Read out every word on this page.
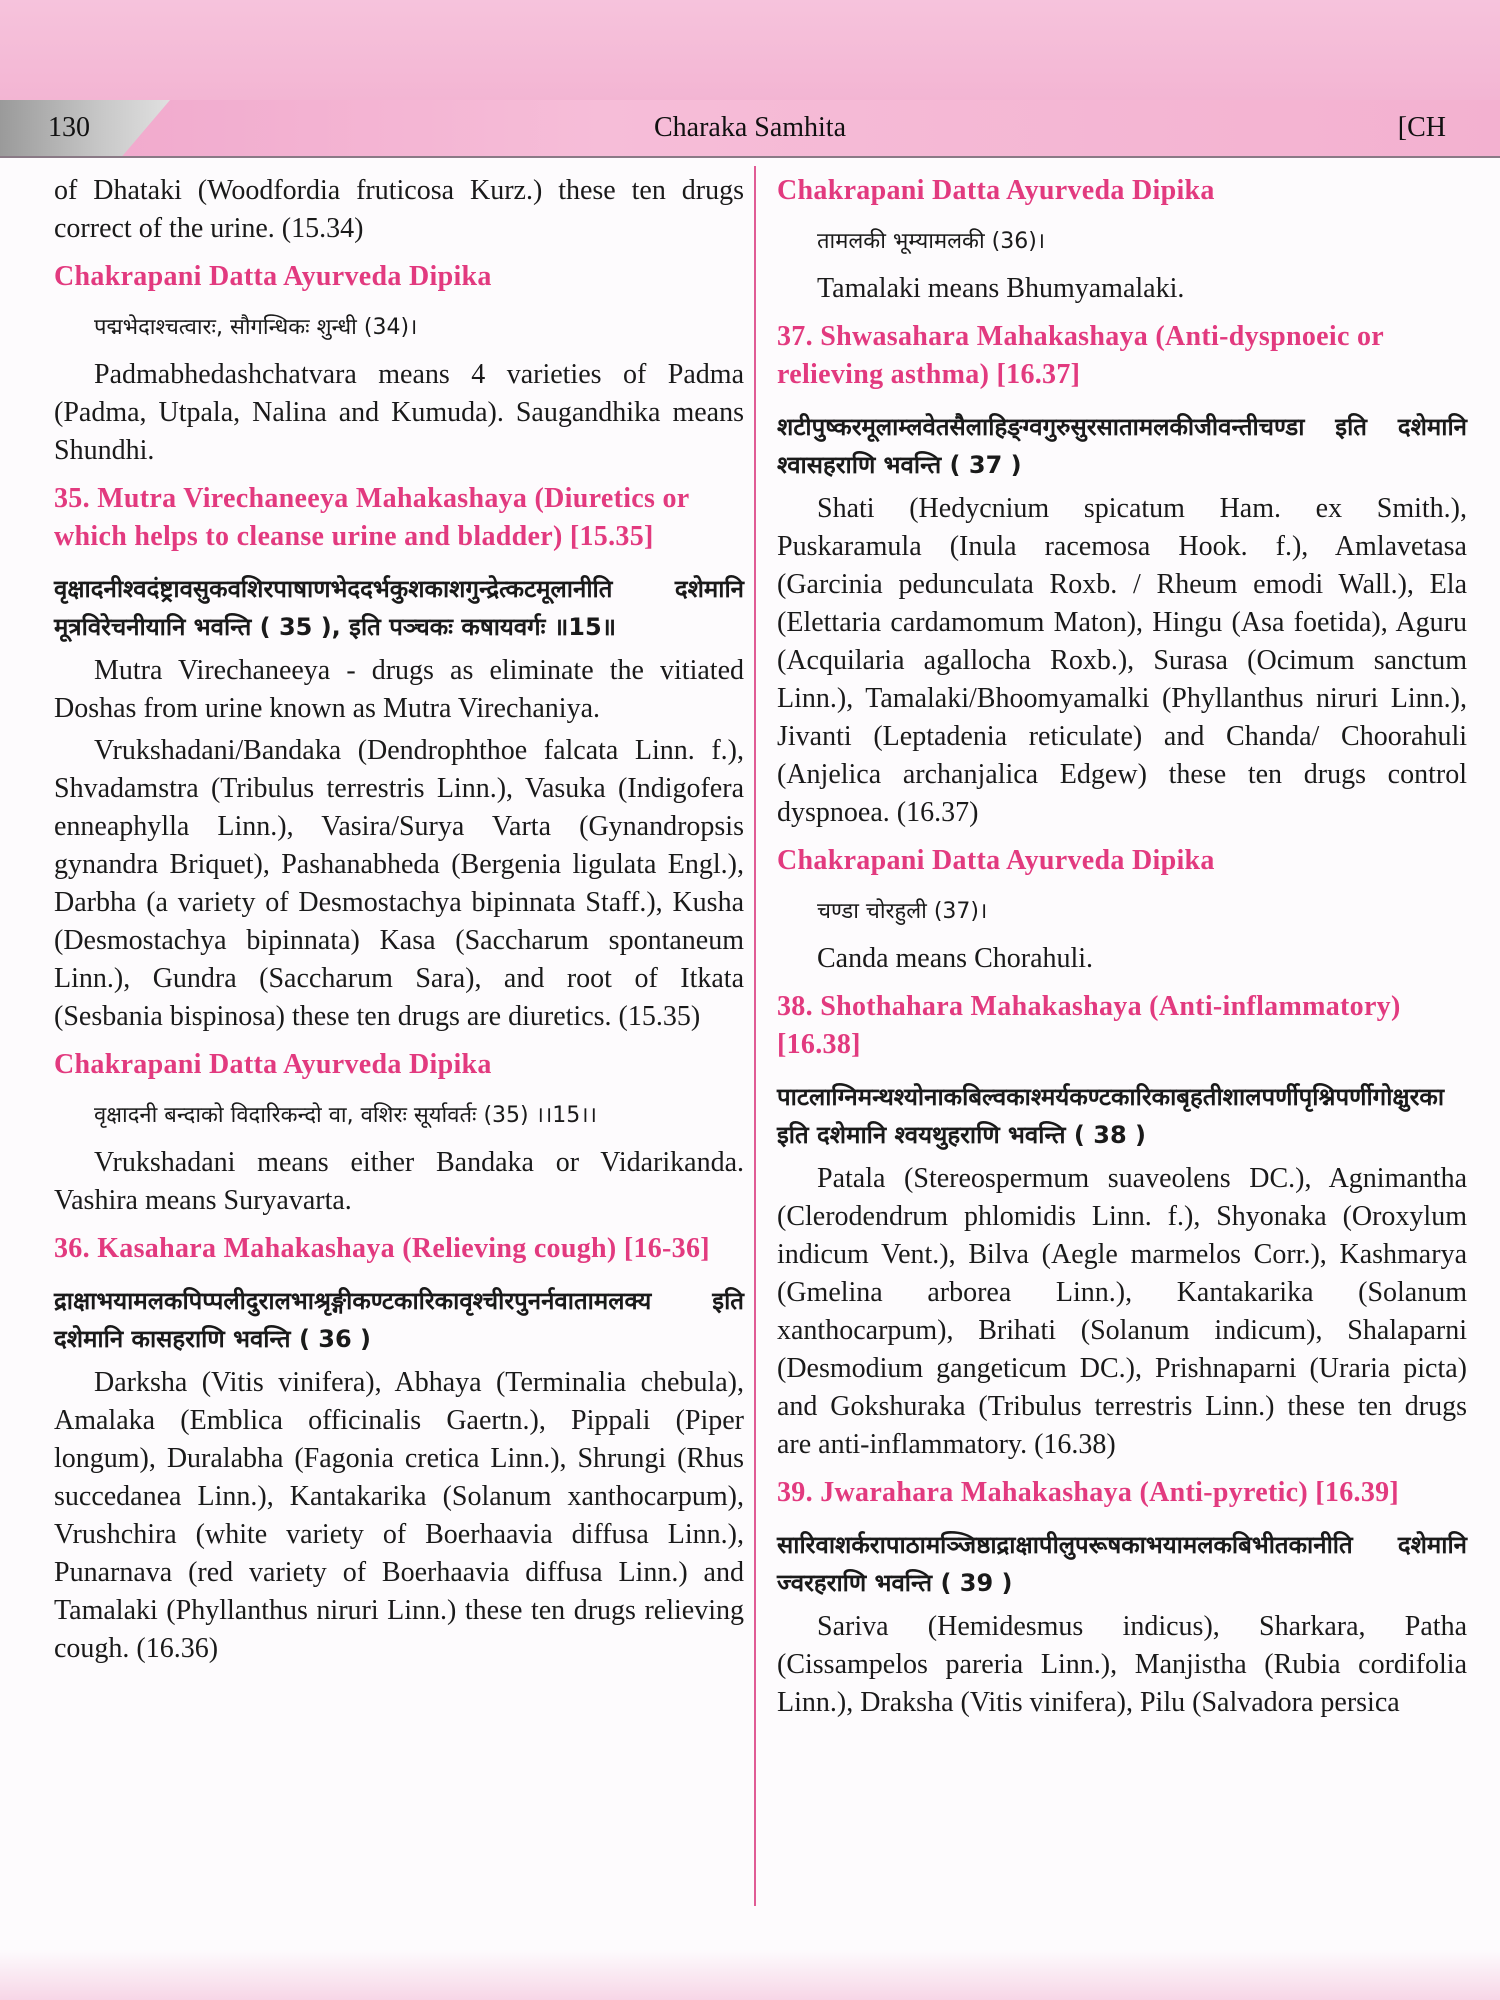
130	Charaka Samhita	[CH

of Dhataki (Woodfordia fruticosa Kurz.) these ten drugs correct of the urine. (15.34)

Chakrapani Datta Ayurveda Dipika
पद्मभेदाश्चत्वारः, सौगन्धिकः शुन्धी (34)।

Padmabhedashchatvara means 4 varieties of Padma (Padma, Utpala, Nalina and Kumuda). Saugandhika means Shundhi.

35. Mutra Virechaneeya Mahakashaya (Diuretics or which helps to cleanse urine and bladder) [15.35]
वृक्षादनीश्वदंष्ट्रावसुकवशिरपाषाणभेददर्भकुशकाशगुन्द्रेत्कटमूलानीति दशेमानि मूत्रविरेचनीयानि भवन्ति ( 35 ), इति पञ्चकः कषायवर्गः ॥15॥

Mutra Virechaneeya - drugs as eliminate the vitiated Doshas from urine known as Mutra Virechaniya.

Vrukshadani/Bandaka (Dendrophthoe falcata Linn. f.), Shvadamstra (Tribulus terrestris Linn.), Vasuka (Indigofera enneaphylla Linn.), Vasira/Surya Varta (Gynandropsis gynandra Briquet), Pashanabheda (Bergenia ligulata Engl.), Darbha (a variety of Desmostachya bipinnata Staff.), Kusha (Desmostachya bipinnata) Kasa (Saccharum spontaneum Linn.), Gundra (Saccharum Sara), and root of Itkata (Sesbania bispinosa) these ten drugs are diuretics. (15.35)

Chakrapani Datta Ayurveda Dipika
वृक्षादनी बन्दाको विदारिकन्दो वा, वशिरः सूर्यावर्तः (35) ।।15।।

Vrukshadani means either Bandaka or Vidarikanda. Vashira means Suryavarta.

36. Kasahara Mahakashaya (Relieving cough) [16-36]
द्राक्षाभयामलकपिप्पलीदुरालभाश्रृङ्गीकण्टकारिकावृश्चीरपुनर्नवातामलक्य इति दशेमानि कासहराणि भवन्ति ( 36 )

Darksha (Vitis vinifera), Abhaya (Terminalia chebula), Amalaka (Emblica officinalis Gaertn.), Pippali (Piper longum), Duralabha (Fagonia cretica Linn.), Shrungi (Rhus succedanea Linn.), Kantakarika (Solanum xanthocarpum), Vrushchira (white variety of Boerhaavia diffusa Linn.), Punarnava (red variety of Boerhaavia diffusa Linn.) and Tamalaki (Phyllanthus niruri Linn.) these ten drugs relieving cough. (16.36)

Chakrapani Datta Ayurveda Dipika
तामलकी भूम्यामलकी (36)।

Tamalaki means Bhumyamalaki.

37. Shwasahara Mahakashaya (Anti-dyspnoeic or relieving asthma) [16.37]
शटीपुष्करमूलाम्लवेतसैलाहिङ्ग्वगुरुसुरसातामलकीजीवन्तीचण्डा इति दशेमानि श्वासहराणि भवन्ति ( 37 )

Shati (Hedycnium spicatum Ham. ex Smith.), Puskaramula (Inula racemosa Hook. f.), Amlavetasa (Garcinia pedunculata Roxb. / Rheum emodi Wall.), Ela (Elettaria cardamomum Maton), Hingu (Asa foetida), Aguru (Acquilaria agallocha Roxb.), Surasa (Ocimum sanctum Linn.), Tamalaki/Bhoomyamalki (Phyllanthus niruri Linn.), Jivanti (Leptadenia reticulate) and Chanda/ Choorahuli (Anjelica archanjalica Edgew) these ten drugs control dyspnoea. (16.37)

Chakrapani Datta Ayurveda Dipika
चण्डा चोरहुली (37)।

Canda means Chorahuli.

38. Shothahara Mahakashaya (Anti-inflammatory) [16.38]
पाटलाग्निमन्थश्योनाकबिल्वकाश्मर्यकण्टकारिकाबृहतीशालपर्णीपृश्निपर्णीगोक्षुरका इति दशेमानि श्वयथुहराणि भवन्ति ( 38 )

Patala (Stereospermum suaveolens DC.), Agnimantha (Clerodendrum phlomidis Linn. f.), Shyonaka (Oroxylum indicum Vent.), Bilva (Aegle marmelos Corr.), Kashmarya (Gmelina arborea Linn.), Kantakarika (Solanum xanthocarpum), Brihati (Solanum indicum), Shalaparni (Desmodium gangeticum DC.), Prishnaparni (Uraria picta) and Gokshuraka (Tribulus terrestris Linn.) these ten drugs are anti-inflammatory. (16.38)

39. Jwarahara Mahakashaya (Anti-pyretic) [16.39]
सारिवाशर्करापाठामञ्जिष्ठाद्राक्षापीलुपरूषकाभयामलकबिभीतकानीति दशेमानि ज्वरहराणि भवन्ति ( 39 )

Sariva (Hemidesmus indicus), Sharkara, Patha (Cissampelos pareria Linn.), Manjistha (Rubia cordifolia Linn.), Draksha (Vitis vinifera), Pilu (Salvadora persica
